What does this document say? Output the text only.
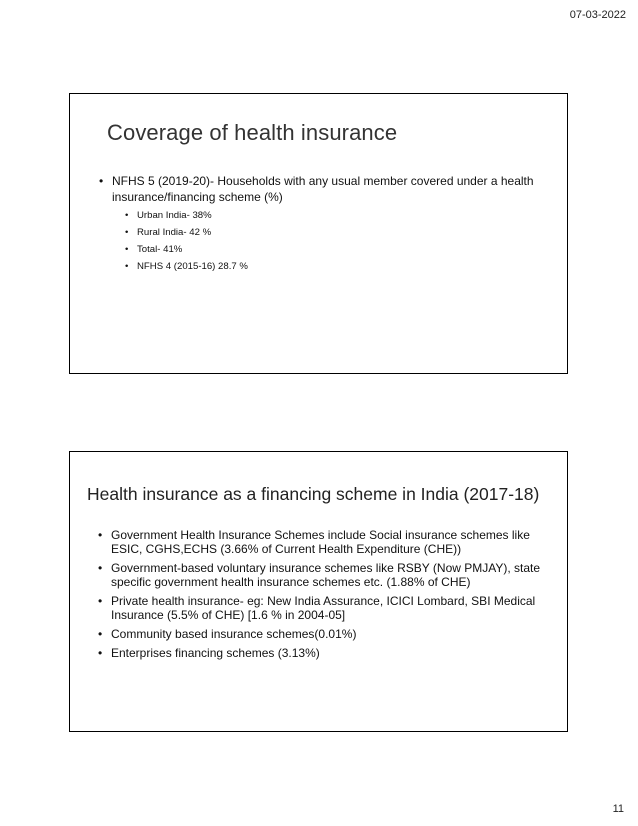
07-03-2022
Coverage of health insurance
• NFHS 5 (2019-20)- Households with any usual member covered under a health insurance/financing scheme (%)
• Urban India- 38%
• Rural India- 42 %
• Total- 41%
• NFHS 4 (2015-16) 28.7 %
Health insurance as a financing scheme in India (2017-18)
• Government Health Insurance Schemes include Social insurance schemes like ESIC, CGHS,ECHS (3.66% of Current Health Expenditure (CHE))
• Government-based voluntary insurance schemes like RSBY (Now PMJAY), state specific government health insurance schemes etc. (1.88% of CHE)
• Private health insurance- eg: New India Assurance, ICICI Lombard, SBI Medical Insurance (5.5% of CHE) [1.6 % in 2004-05]
• Community based insurance schemes(0.01%)
• Enterprises financing schemes (3.13%)
11
